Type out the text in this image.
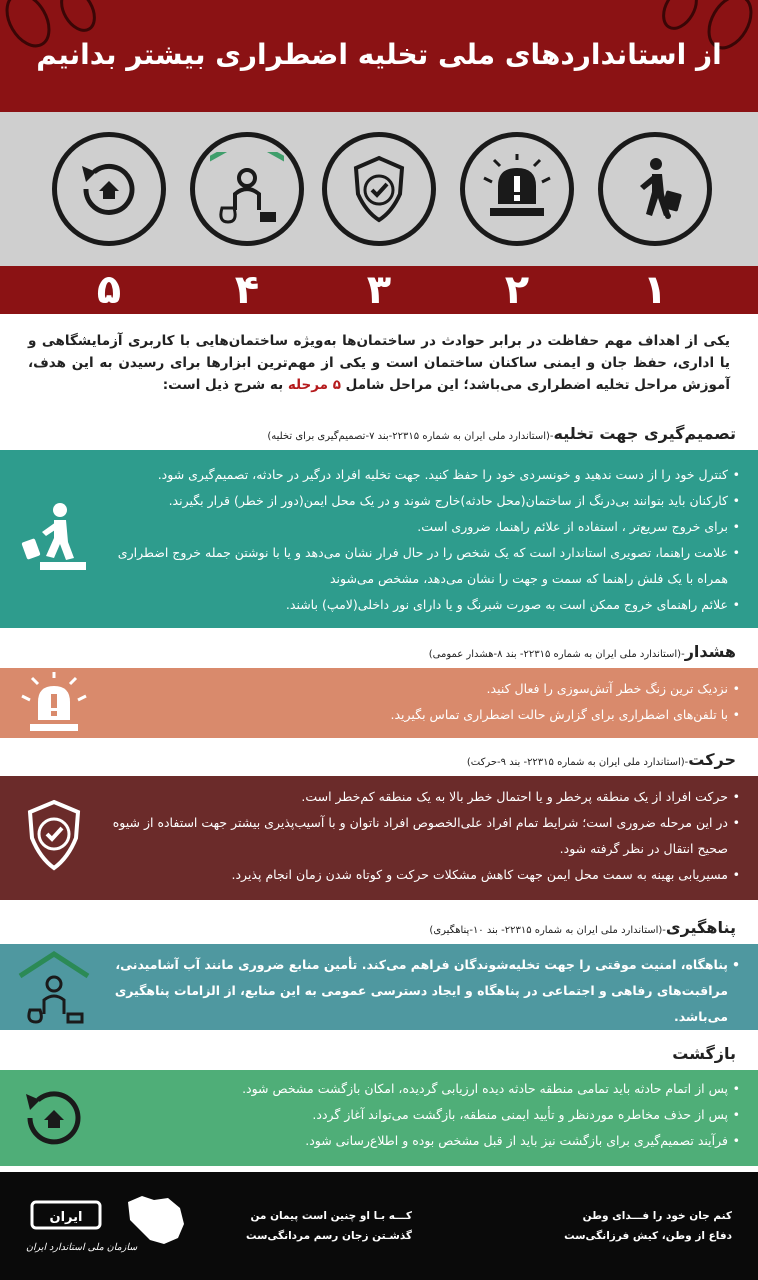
از استانداردهای ملی تخلیه اضطراری بیشتر بدانیم
۵	۴	۳	۲	۱
یکی از اهداف مهم حفاظت در برابر حوادث در ساختمان‌ها به‌ویژه ساختمان‌هایی با کاربری آزمایشگاهی و یا اداری، حفظ جان و ایمنی ساکنان ساختمان است و یکی از مهم‌ترین ابزارها برای رسیدن به این هدف، آموزش مراحل تخلیه اضطراری می‌باشد؛ این مراحل شامل ۵ مرحله به شرح ذیل است:
تصمیم‌گیری جهت تخلیه-(استاندارد ملی ایران به شماره ۲۲۳۱۵-بند ۷-تصمیم‌گیری برای تخلیه)
• کنترل خود را از دست ندهید و خونسردی خود را حفظ کنید. جهت تخلیه افراد درگیر در حادثه، تصمیم‌گیری شود.
• کارکنان باید بتوانند بی‌درنگ از ساختمان(محل حادثه)خارج شوند و در یک محل ایمن(دور از خطر) قرار بگیرند.
• برای خروج سریع‌تر ، استفاده از علائم راهنما، ضروری است.
• علامت راهنما، تصویری استاندارد است که یک شخص را در حال فرار نشان می‌دهد و یا با نوشتن جمله خروج اضطراری همراه با یک فلش راهنما که سمت و جهت را نشان می‌دهد، مشخص می‌شوند
• علائم راهنمای خروج ممکن است به صورت شبرنگ و یا دارای نور داخلی(لامپ) باشند.
هشدار-(استاندارد ملی ایران به شماره ۲۲۳۱۵- بند ۸-هشدار عمومی)
• نزدیک ترین زنگ خطر آتش‌سوزی را فعال کنید.
• با تلفن‌های اضطراری برای گزارش حالت اضطراری تماس بگیرید.
حرکت-(استاندارد ملی ایران به شماره ۲۲۳۱۵- بند ۹-حرکت)
• حرکت افراد از یک منطقه پرخطر و یا احتمال خطر بالا به یک منطقه کم‌خطر است.
• در این مرحله ضروری است؛ شرایط تمام افراد علی‌الخصوص افراد ناتوان و با آسیب‌پذیری بیشتر جهت استفاده از شیوه صحیح انتقال در نظر گرفته شود.
• مسیریابی بهینه به سمت محل ایمن جهت کاهش مشکلات حرکت و کوتاه شدن زمان انجام پذیرد.
پناهگیری-(استاندارد ملی ایران به شماره ۲۲۳۱۵- بند ۱۰-پناهگیری)
• پناهگاه، امنیت موقتی را جهت تخلیه‌شوندگان فراهم می‌کند. تأمین منابع ضروری مانند آب آشامیدنی، مراقبت‌های رفاهی و اجتماعی در پناهگاه و ایجاد دسترسی عمومی به این منابع، از الزامات پناهگیری می‌باشد.
بازگشت
• پس از اتمام حادثه باید تمامی منطقه حادثه دیده ارزیابی گردیده، امکان بازگشت مشخص شود.
• پس از حذف مخاطره موردنظر و تأیید ایمنی منطقه، بازگشت می‌تواند آغاز گردد.
• فرآیند تصمیم‌گیری برای بازگشت نیز باید از قبل مشخص بوده و اطلاع‌رسانی شود.
کنم جان خود را فـــدای وطن
دفاع از وطن، کیش فرزانگی‌ست
کـــه بـا او چنین است پیمان من
گذشـتن زجان رسم مردانگی‌ست
ایران
سازمان ملی استاندارد ایران
